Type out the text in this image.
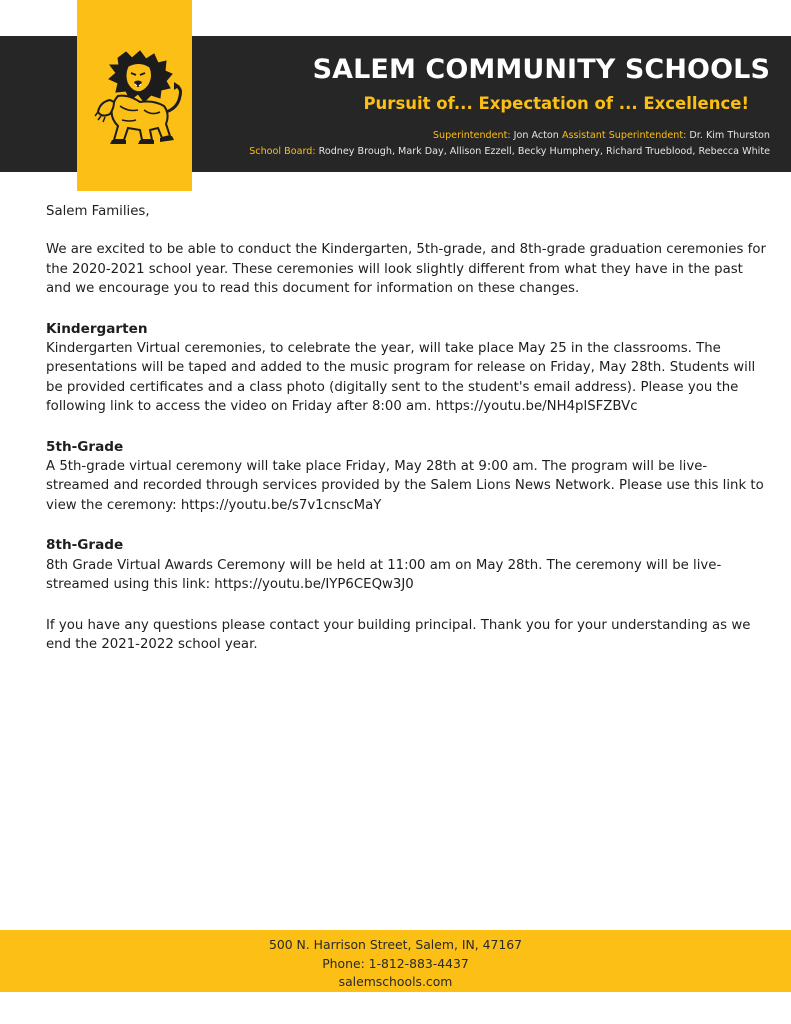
SALEM COMMUNITY SCHOOLS
Pursuit of... Expectation of ... Excellence!
Superintendent: Jon Acton Assistant Superintendent: Dr. Kim Thurston
School Board: Rodney Brough, Mark Day, Allison Ezzell, Becky Humphery, Richard Trueblood, Rebecca White

Salem Families,

We are excited to be able to conduct the Kindergarten, 5th-grade, and 8th-grade graduation ceremonies for the 2020-2021 school year. These ceremonies will look slightly different from what they have in the past and we encourage you to read this document for information on these changes.

Kindergarten

Kindergarten Virtual ceremonies, to celebrate the year, will take place May 25 in the classrooms. The presentations will be taped and added to the music program for release on Friday, May 28th. Students will be provided certificates and a class photo (digitally sent to the student's email address). Please you the following link to access the video on Friday after 8:00 am. https://youtu.be/NH4plSFZBVc

5th-Grade

A 5th-grade virtual ceremony will take place Friday, May 28th at 9:00 am. The program will be live-streamed and recorded through services provided by the Salem Lions News Network. Please use this link to view the ceremony: https://youtu.be/s7v1cnscMaY

8th-Grade

8th Grade Virtual Awards Ceremony will be held at 11:00 am on May 28th. The ceremony will be live-streamed using this link: https://youtu.be/IYP6CEQw3J0

If you have any questions please contact your building principal. Thank you for your understanding as we end the 2021-2022 school year.

500 N. Harrison Street, Salem, IN, 47167
Phone: 1-812-883-4437
salemschools.com
